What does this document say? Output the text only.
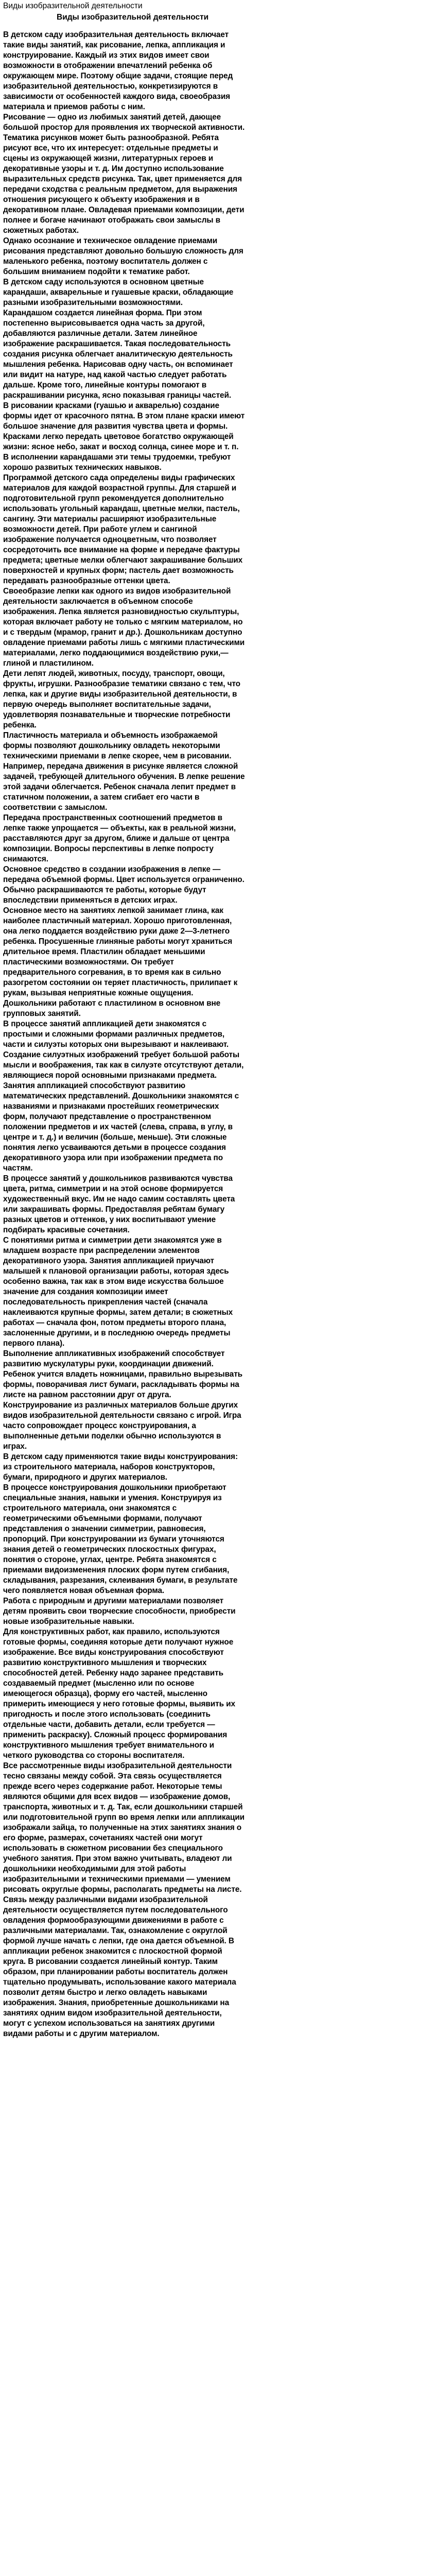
Виды изобразительной деятельности
Виды изобразительной деятельности

В детском саду изобразительная деятельность включает такие виды занятий, как рисование, лепка, аппликация и конструирование. Каждый из этих видов имеет свои возможности в отображении впечатлений ребенка об окружающем мире. Поэтому общие задачи, стоящие перед изобразительной деятельностью, конкретизируются в зависимости от особенностей каждого вида, своеобразия материала и приемов работы с ним.

Рисование — одно из любимых занятий детей, дающее большой простор для проявления их творческой активности. Тематика рисунков может быть разнообразной. Ребята рисуют все, что их интересует: отдельные предметы и сцены из окружающей жизни, литературных героев и декоративные узоры и т. д. Им доступно использование выразительных средств рисунка. Так, цвет применяется для передачи сходства с реальным предметом, для выражения отношения рисующего к объекту изображения и в декоративном плане. Овладевая приемами композиции, дети полнее и богаче начинают отображать свои замыслы в сюжетных работах.

Однако осознание и техническое овладение приемами рисования представляют довольно большую сложность для маленького ребенка, поэтому воспитатель должен с большим вниманием подойти к тематике работ.

В детском саду используются в основном цветные карандаши, акварельные и гуашевые краски, обладающие разными изобразительными возможностями.

Карандашом создается линейная форма. При этом постепенно вырисовывается одна часть за другой, добавляются различные детали. Затем линейное изображение раскрашивается. Такая последовательность создания рисунка облегчает аналитическую деятельность мышления ребенка. Нарисовав одну часть, он вспоминает или видит на натуре, над какой частью следует работать дальше. Кроме того, линейные контуры помогают в раскрашивании рисунка, ясно показывая границы частей.

В рисовании красками (гуашью и акварелью) создание формы идет от красочного пятна. В этом плане краски имеют большое значение для развития чувства цвета и формы. Красками легко передать цветовое богатство окружающей жизни: ясное небо, закат и восход солнца, синее море и т. п. В исполнении карандашами эти темы трудоемки, требуют хорошо развитых технических навыков.

Программой детского сада определены виды графических материалов для каждой возрастной группы. Для старшей и подготовительной групп рекомендуется дополнительно использовать угольный карандаш, цветные мелки, пастель, сангину. Эти материалы расширяют изобразительные возможности детей. При работе углем и сангиной изображение получается одноцветным, что позволяет сосредоточить все внимание на форме и передаче фактуры предмета; цветные мелки облегчают закрашивание больших поверхностей и крупных форм; пастель дает возможность передавать разнообразные оттенки цвета.

Своеобразие лепки как одного из видов изобразительной деятельности заключается в объемном способе изображения. Лепка является разновидностью скульптуры, которая включает работу не только с мягким материалом, но и с твердым (мрамор, гранит и др.). Дошкольникам доступно овладение приемами работы лишь с мягкими пластическими материалами, легко поддающимися воздействию руки,— глиной и пластилином.

Дети лепят людей, животных, посуду, транспорт, овощи, фрукты, игрушки. Разнообразие тематики связано с тем, что лепка, как и другие виды изобразительной деятельности, в первую очередь выполняет воспитательные задачи, удовлетворяя познавательные и творческие потребности ребенка.

Пластичность материала и объемность изображаемой формы позволяют дошкольнику овладеть некоторыми техническими приемами в лепке скорее, чем в рисовании. Например, передача движения в рисунке является сложной задачей, требующей длительного обучения. В лепке решение этой задачи облегчается. Ребенок сначала лепит предмет в статичном положении, а затем сгибает его части в соответствии с замыслом.

Передача пространственных соотношений предметов в лепке также упрощается — объекты, как в реальной жизни, расставляются друг за другом, ближе и дальше от центра композиции. Вопросы перспективы в лепке попросту снимаются.

Основное средство в создании изображения в лепке — передача объемной формы. Цвет используется ограниченно. Обычно раскрашиваются те работы, которые будут впоследствии применяться в детских играх.

Основное место на занятиях лепкой занимает глина, как наиболее пластичный материал. Хорошо приготовленная, она легко поддается воздействию руки даже 2—3-летнего ребенка. Просушенные глиняные работы могут храниться длительное время. Пластилин обладает меньшими пластическими возможностями. Он требует предварительного согревания, в то время как в сильно разогретом состоянии он теряет пластичность, прилипает к рукам, вызывая неприятные кожные ощущения. Дошкольники работают с пластилином в основном вне групповых занятий.

В процессе занятий аппликацией дети знакомятся с простыми и сложными формами различных предметов, части и силуэты которых они вырезывают и наклеивают. Создание силуэтных изображений требует большой работы мысли и воображения, так как в силуэте отсутствуют детали, являющиеся порой основными признаками предмета.

Занятия аппликацией способствуют развитию математических представлений. Дошкольники знакомятся с названиями и признаками простейших геометрических форм, получают представление о пространственном положении предметов и их частей (слева, справа, в углу, в центре и т. д.) и величин (больше, меньше). Эти сложные понятия легко усваиваются детьми в процессе создания декоративного узора или при изображении предмета по частям.

В процессе занятий у дошкольников развиваются чувства цвета, ритма, симметрии и на этой основе формируется художественный вкус. Им не надо самим составлять цвета или закрашивать формы. Предоставляя ребятам бумагу разных цветов и оттенков, у них воспитывают умение подбирать красивые сочетания.

С понятиями ритма и симметрии дети знакомятся уже в младшем возрасте при распределении элементов декоративного узора. Занятия аппликацией приучают малышей к плановой организации работы, которая здесь особенно важна, так как в этом виде искусства большое значение для создания композиции имеет последовательность прикрепления частей (сначала наклеиваются крупные формы, затем детали; в сюжетных работах — сначала фон, потом предметы второго плана, заслоненные другими, и в последнюю очередь предметы первого плана).

Выполнение аппликативных изображений способствует развитию мускулатуры руки, координации движений. Ребенок учится владеть ножницами, правильно вырезывать формы, поворачивая лист бумаги, раскладывать формы на листе на равном расстоянии друг от друга.

Конструирование из различных материалов больше других видов изобразительной деятельности связано с игрой. Игра часто сопровождает процесс конструирования, а выполненные детьми поделки обычно используются в играх.

В детском саду применяются такие виды конструирования: из строительного материала, наборов конструкторов, бумаги, природного и других материалов.

В процессе конструирования дошкольники приобретают специальные знания, навыки и умения. Конструируя из строительного материала, они знакомятся с геометрическими объемными формами, получают представления о значении симметрии, равновесия, пропорций. При конструировании из бумаги уточняются знания детей о геометрических плоскостных фигурах, понятия о стороне, углах, центре. Ребята знакомятся с приемами видоизменения плоских форм путем сгибания, складывания, разрезания, склеивания бумаги, в результате чего появляется новая объемная форма.

Работа с природным и другими материалами позволяет детям проявить свои творческие способности, приобрести новые изобразительные навыки.

Для конструктивных работ, как правило, используются готовые формы, соединяя которые дети получают нужное изображение. Все виды конструирования способствуют развитию конструктивного мышления и творческих способностей детей. Ребенку надо заранее представить создаваемый предмет (мысленно или по основе имеющегося образца), форму его частей, мысленно примерить имеющиеся у него готовые формы, выявить их пригодность и после этого использовать (соединить отдельные части, добавить детали, если требуется — применить раскраску). Сложный процесс формирования конструктивного мышления требует внимательного и четкого руководства со стороны воспитателя.

Все рассмотренные виды изобразительной деятельности тесно связаны между собой. Эта связь осуществляется прежде всего через содержание работ. Некоторые темы являются общими для всех видов — изображение домов, транспорта, животных и т. д. Так, если дошкольники старшей или подготовительной групп во время лепки или аппликации изображали зайца, то полученные на этих занятиях знания о его форме, размерах, сочетаниях частей они могут использовать в сюжетном рисовании без специального учебного занятия. При этом важно учитывать, владеют ли дошкольники необходимыми для этой работы изобразительными и техническими приемами — умением рисовать округлые формы, располагать предметы на листе.

Связь между различными видами изобразительной деятельности осуществляется путем последовательного овладения формообразующими движениями в работе с различными материалами. Так, ознакомление с округлой формой лучше начать с лепки, где она дается объемной. В аппликации ребенок знакомится с плоскостной формой круга. В рисовании создается линейный контур. Таким образом, при планировании работы воспитатель должен тщательно продумывать, использование какого материала позволит детям быстро и легко овладеть навыками изображения. Знания, приобретенные дошкольниками на занятиях одним видом изобразительной деятельности, могут с успехом использоваться на занятиях другими видами работы и с другим материалом.
